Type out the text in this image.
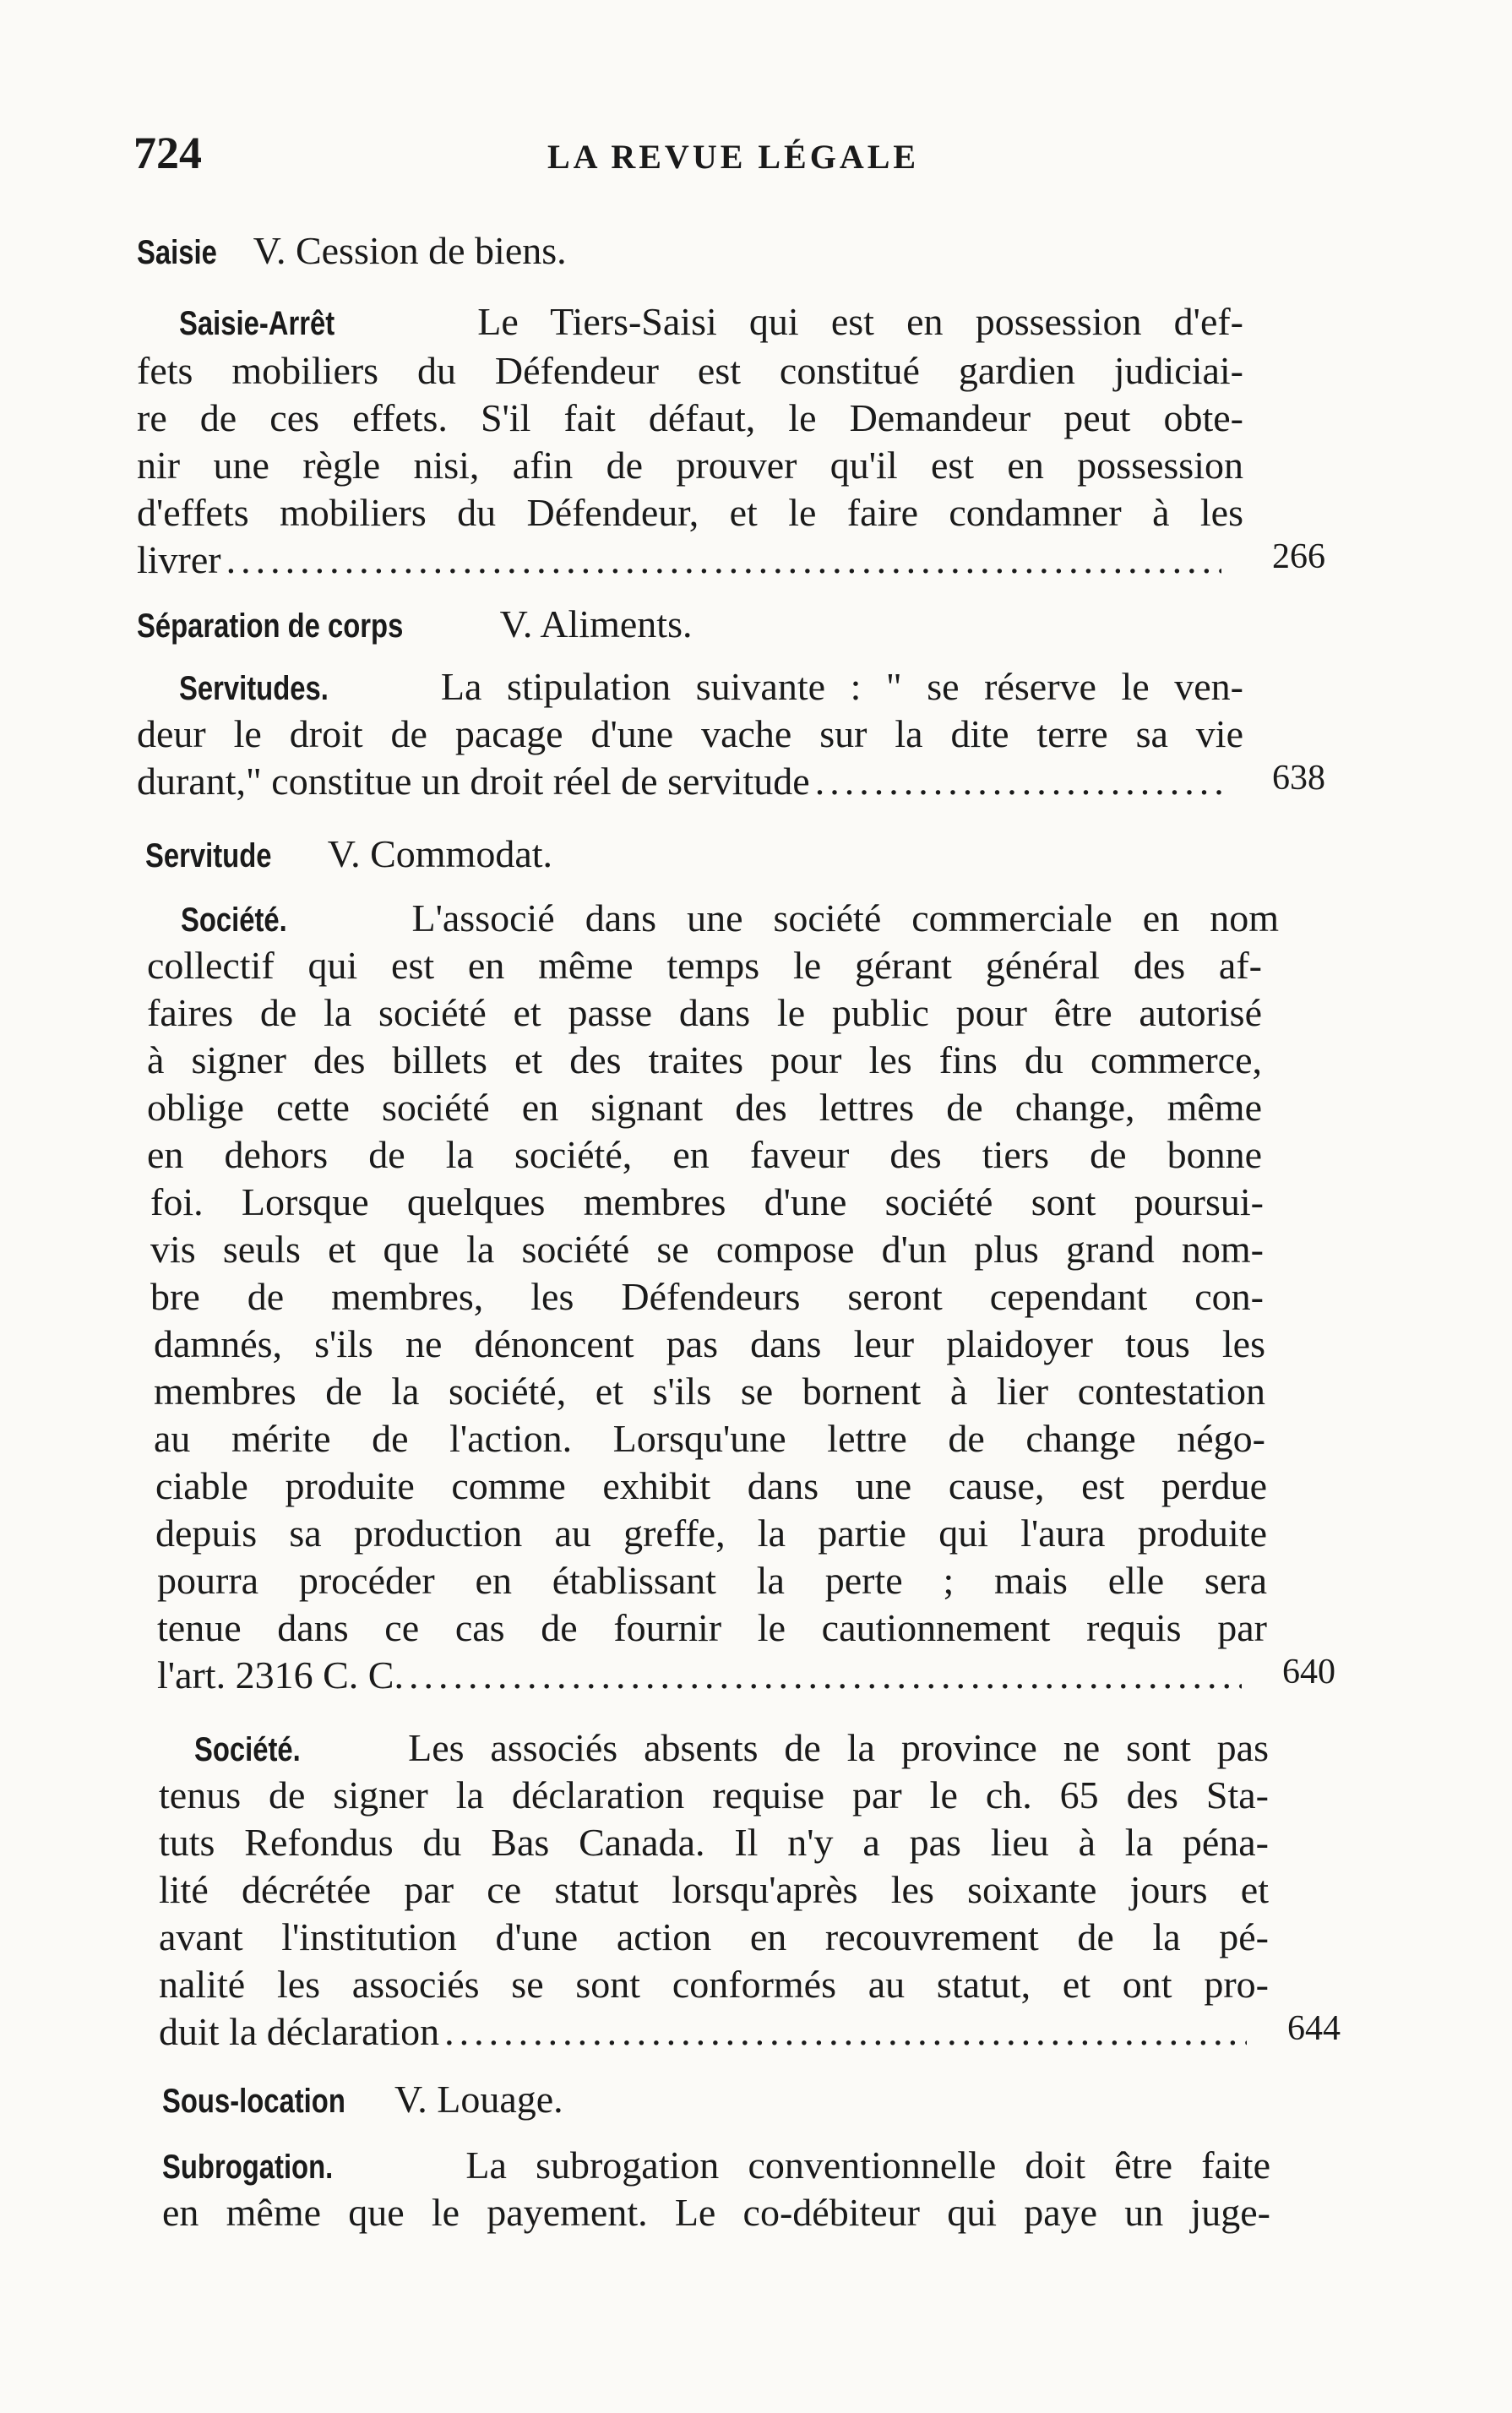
724	LA REVUE LÉGALE
Saisie V. Cession de biens.
Saisie-Arrêt	Le Tiers-Saisi qui est en possession d'ef-
fets mobiliers du Défendeur est constitué gardien judiciai-
re de ces effets. S'il fait défaut, le Demandeur peut obte-
nir une règle nisi, afin de prouver qu'il est en possession
d'effets mobiliers du Défendeur, et le faire condamner à les
livrer .....	266
Séparation de corps V. Aliments.
Servitudes.	La stipulation suivante : " se réserve le ven-
deur le droit de pacage d'une vache sur la dite terre sa vie
durant," constitue un droit réel de servitude .....	638
Servitude V. Commodat.
Société.	L'associé dans une société commerciale en nom
collectif qui est en même temps le gérant général des af-
faires de la société et passe dans le public pour être autorisé
à signer des billets et des traites pour les fins du commerce,
oblige cette société en signant des lettres de change, même
en dehors de la société, en faveur des tiers de bonne
foi. Lorsque quelques membres d'une société sont poursui-
vis seuls et que la société se compose d'un plus grand nom-
bre de membres, les Défendeurs seront cependant con-
damnés, s'ils ne dénoncent pas dans leur plaidoyer tous les
membres de la société, et s'ils se bornent à lier contestation
au mérite de l'action. Lorsqu'une lettre de change négo-
ciable produite comme exhibit dans une cause, est perdue
depuis sa production au greffe, la partie qui l'aura produite
pourra procéder en établissant la perte ; mais elle sera
tenue dans ce cas de fournir le cautionnement requis par
l'art. 2316 C. C. .....	640
Société.	Les associés absents de la province ne sont pas
tenus de signer la déclaration requise par le ch. 65 des Sta-
tuts Refondus du Bas Canada. Il n'y a pas lieu à la péna-
lité décrétée par ce statut lorsqu'après les soixante jours et
avant l'institution d'une action en recouvrement de la pé-
nalité les associés se sont conformés au statut, et ont pro-
duit la déclaration .....	644
Sous-location V. Louage.
Subrogation.	La subrogation conventionnelle doit être faite
en même que le payement. Le co-débiteur qui paye un juge-
